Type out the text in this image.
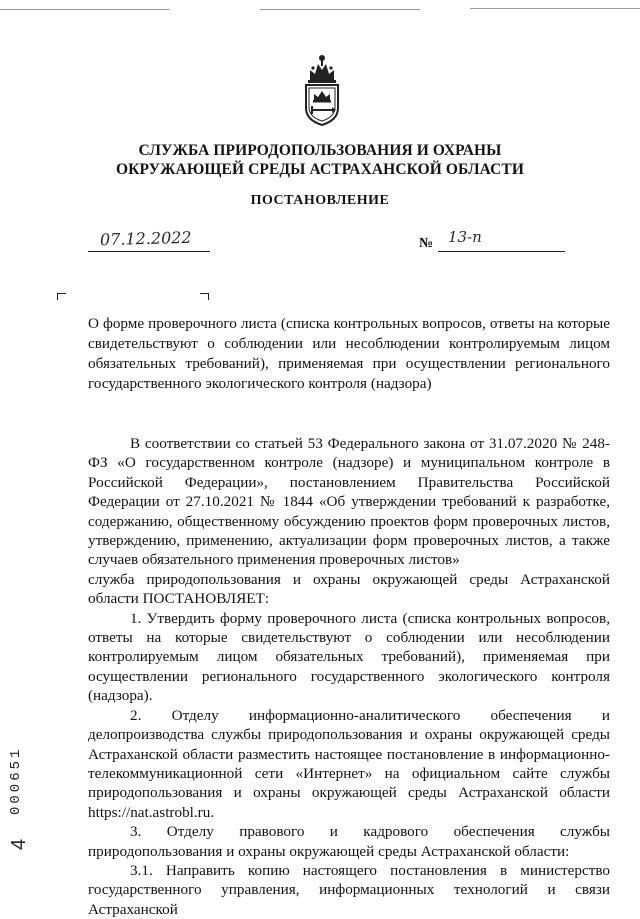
СЛУЖБА ПРИРОДОПОЛЬЗОВАНИЯ И ОХРАНЫ
ОКРУЖАЮЩЕЙ СРЕДЫ АСТРАХАНСКОЙ ОБЛАСТИ
ПОСТАНОВЛЕНИЕ
07.12.2022	№ 13-п
О форме проверочного листа (списка контрольных вопросов, ответы на которые свидетельствуют о соблюдении или несоблюдении контролируемым лицом обязательных требований), применяемая при осуществлении регионального государственного экологического контроля (надзора)

В соответствии со статьей 53 Федерального закона от 31.07.2020 № 248-ФЗ «О государственном контроле (надзоре) и муниципальном контроле в Российской Федерации», постановлением Правительства Российской Федерации от 27.10.2021 № 1844 «Об утверждении требований к разработке, содержанию, общественному обсуждению проектов форм проверочных листов, утверждению, применению, актуализации форм проверочных листов, а также случаев обязательного применения проверочных листов»

служба природопользования и охраны окружающей среды Астраханской области ПОСТАНОВЛЯЕТ:

1. Утвердить форму проверочного листа (списка контрольных вопросов, ответы на которые свидетельствуют о соблюдении или несоблюдении контролируемым лицом обязательных требований), применяемая при осуществлении регионального государственного экологического контроля (надзора).

2. Отделу информационно-аналитического обеспечения и делопроизводства службы природопользования и охраны окружающей среды Астраханской области разместить настоящее постановление в информационно-телекоммуникационной сети «Интернет» на официальном сайте службы природопользования и охраны окружающей среды Астраханской области https://nat.astrobl.ru.

3. Отделу правового и кадрового обеспечения службы природопользования и охраны окружающей среды Астраханской области:

3.1. Направить копию настоящего постановления в министерство государственного управления, информационных технологий и связи Астраханской

000651
4
